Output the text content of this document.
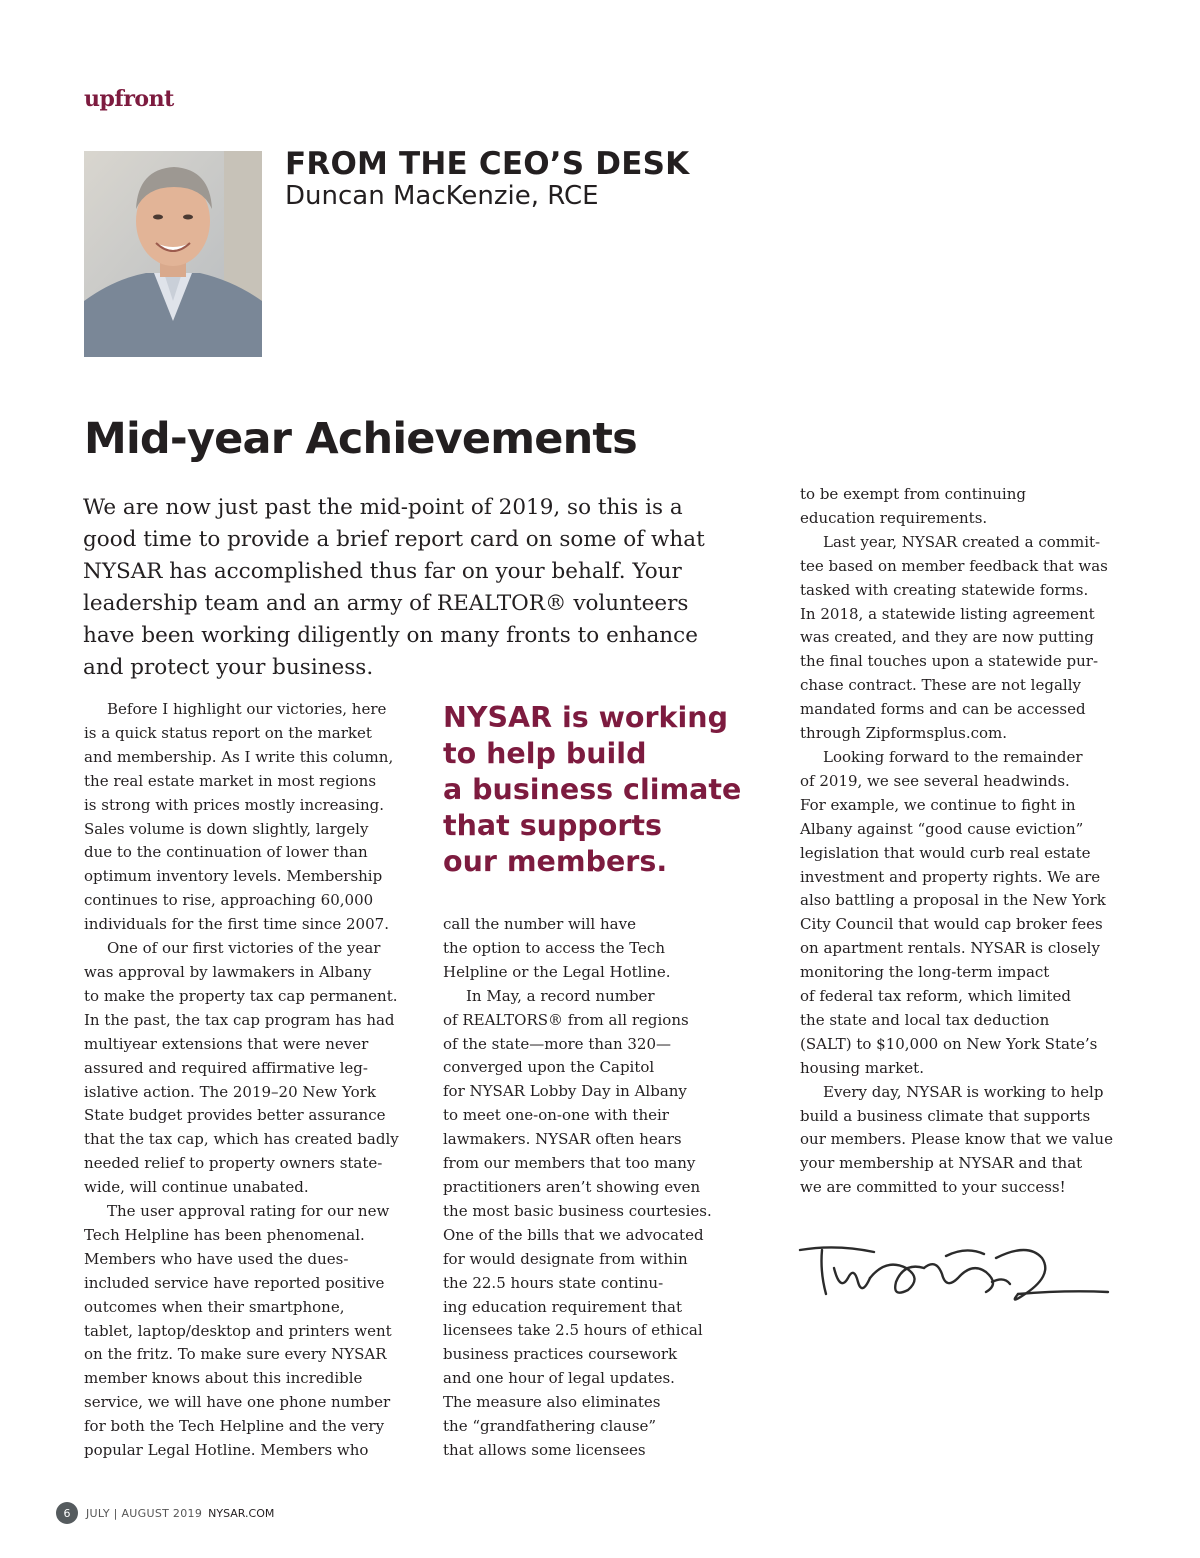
upfront
FROM THE CEO’S DESK
Duncan MacKenzie, RCE
Mid-year Achievements

We are now just past the mid-point of 2019, so this is a good time to provide a brief report card on some of what NYSAR has accomplished thus far on your behalf. Your leadership team and an army of REALTOR® volunteers have been working diligently on many fronts to enhance and protect your business.

Before I highlight our victories, here

is a quick status report on the market

and membership. As I write this column,

the real estate market in most regions

is strong with prices mostly increasing.

Sales volume is down slightly, largely

due to the continuation of lower than

optimum inventory levels. Membership

continues to rise, approaching 60,000

individuals for the first time since 2007.

One of our first victories of the year

was approval by lawmakers in Albany

to make the property tax cap permanent.

In the past, the tax cap program has had

multiyear extensions that were never

assured and required affirmative leg-

islative action. The 2019–20 New York

State budget provides better assurance

that the tax cap, which has created badly

needed relief to property owners state-

wide, will continue unabated.

The user approval rating for our new

Tech Helpline has been phenomenal.

Members who have used the dues-

included service have reported positive

outcomes when their smartphone,

tablet, laptop/desktop and printers went

on the fritz. To make sure every NYSAR

member knows about this incredible

service, we will have one phone number

for both the Tech Helpline and the very

popular Legal Hotline. Members who

NYSAR is working
to help build
a business climate
that supports
our members.

call the number will have

the option to access the Tech

Helpline or the Legal Hotline.

In May, a record number

of REALTORS® from all regions

of the state—more than 320—

converged upon the Capitol

for NYSAR Lobby Day in Albany

to meet one-on-one with their

lawmakers. NYSAR often hears

from our members that too many

practitioners aren’t showing even

the most basic business courtesies.

One of the bills that we advocated

for would designate from within

the 22.5 hours state continu-

ing education requirement that

licensees take 2.5 hours of ethical

business practices coursework

and one hour of legal updates.

The measure also eliminates

the “grandfathering clause”

that allows some licensees

to be exempt from continuing

education requirements.

Last year, NYSAR created a commit-

tee based on member feedback that was

tasked with creating statewide forms.

In 2018, a statewide listing agreement

was created, and they are now putting

the final touches upon a statewide pur-

chase contract. These are not legally

mandated forms and can be accessed

through Zipformsplus.com.

Looking forward to the remainder

of 2019, we see several headwinds.

For example, we continue to fight in

Albany against “good cause eviction”

legislation that would curb real estate

investment and property rights. We are

also battling a proposal in the New York

City Council that would cap broker fees

on apartment rentals. NYSAR is closely

monitoring the long-term impact

of federal tax reform, which limited

the state and local tax deduction

(SALT) to $10,000 on New York State’s

housing market.

Every day, NYSAR is working to help

build a business climate that supports

our members. Please know that we value

your membership at NYSAR and that

we are committed to your success!

6	JULY | AUGUST 2019 NYSAR.COM
